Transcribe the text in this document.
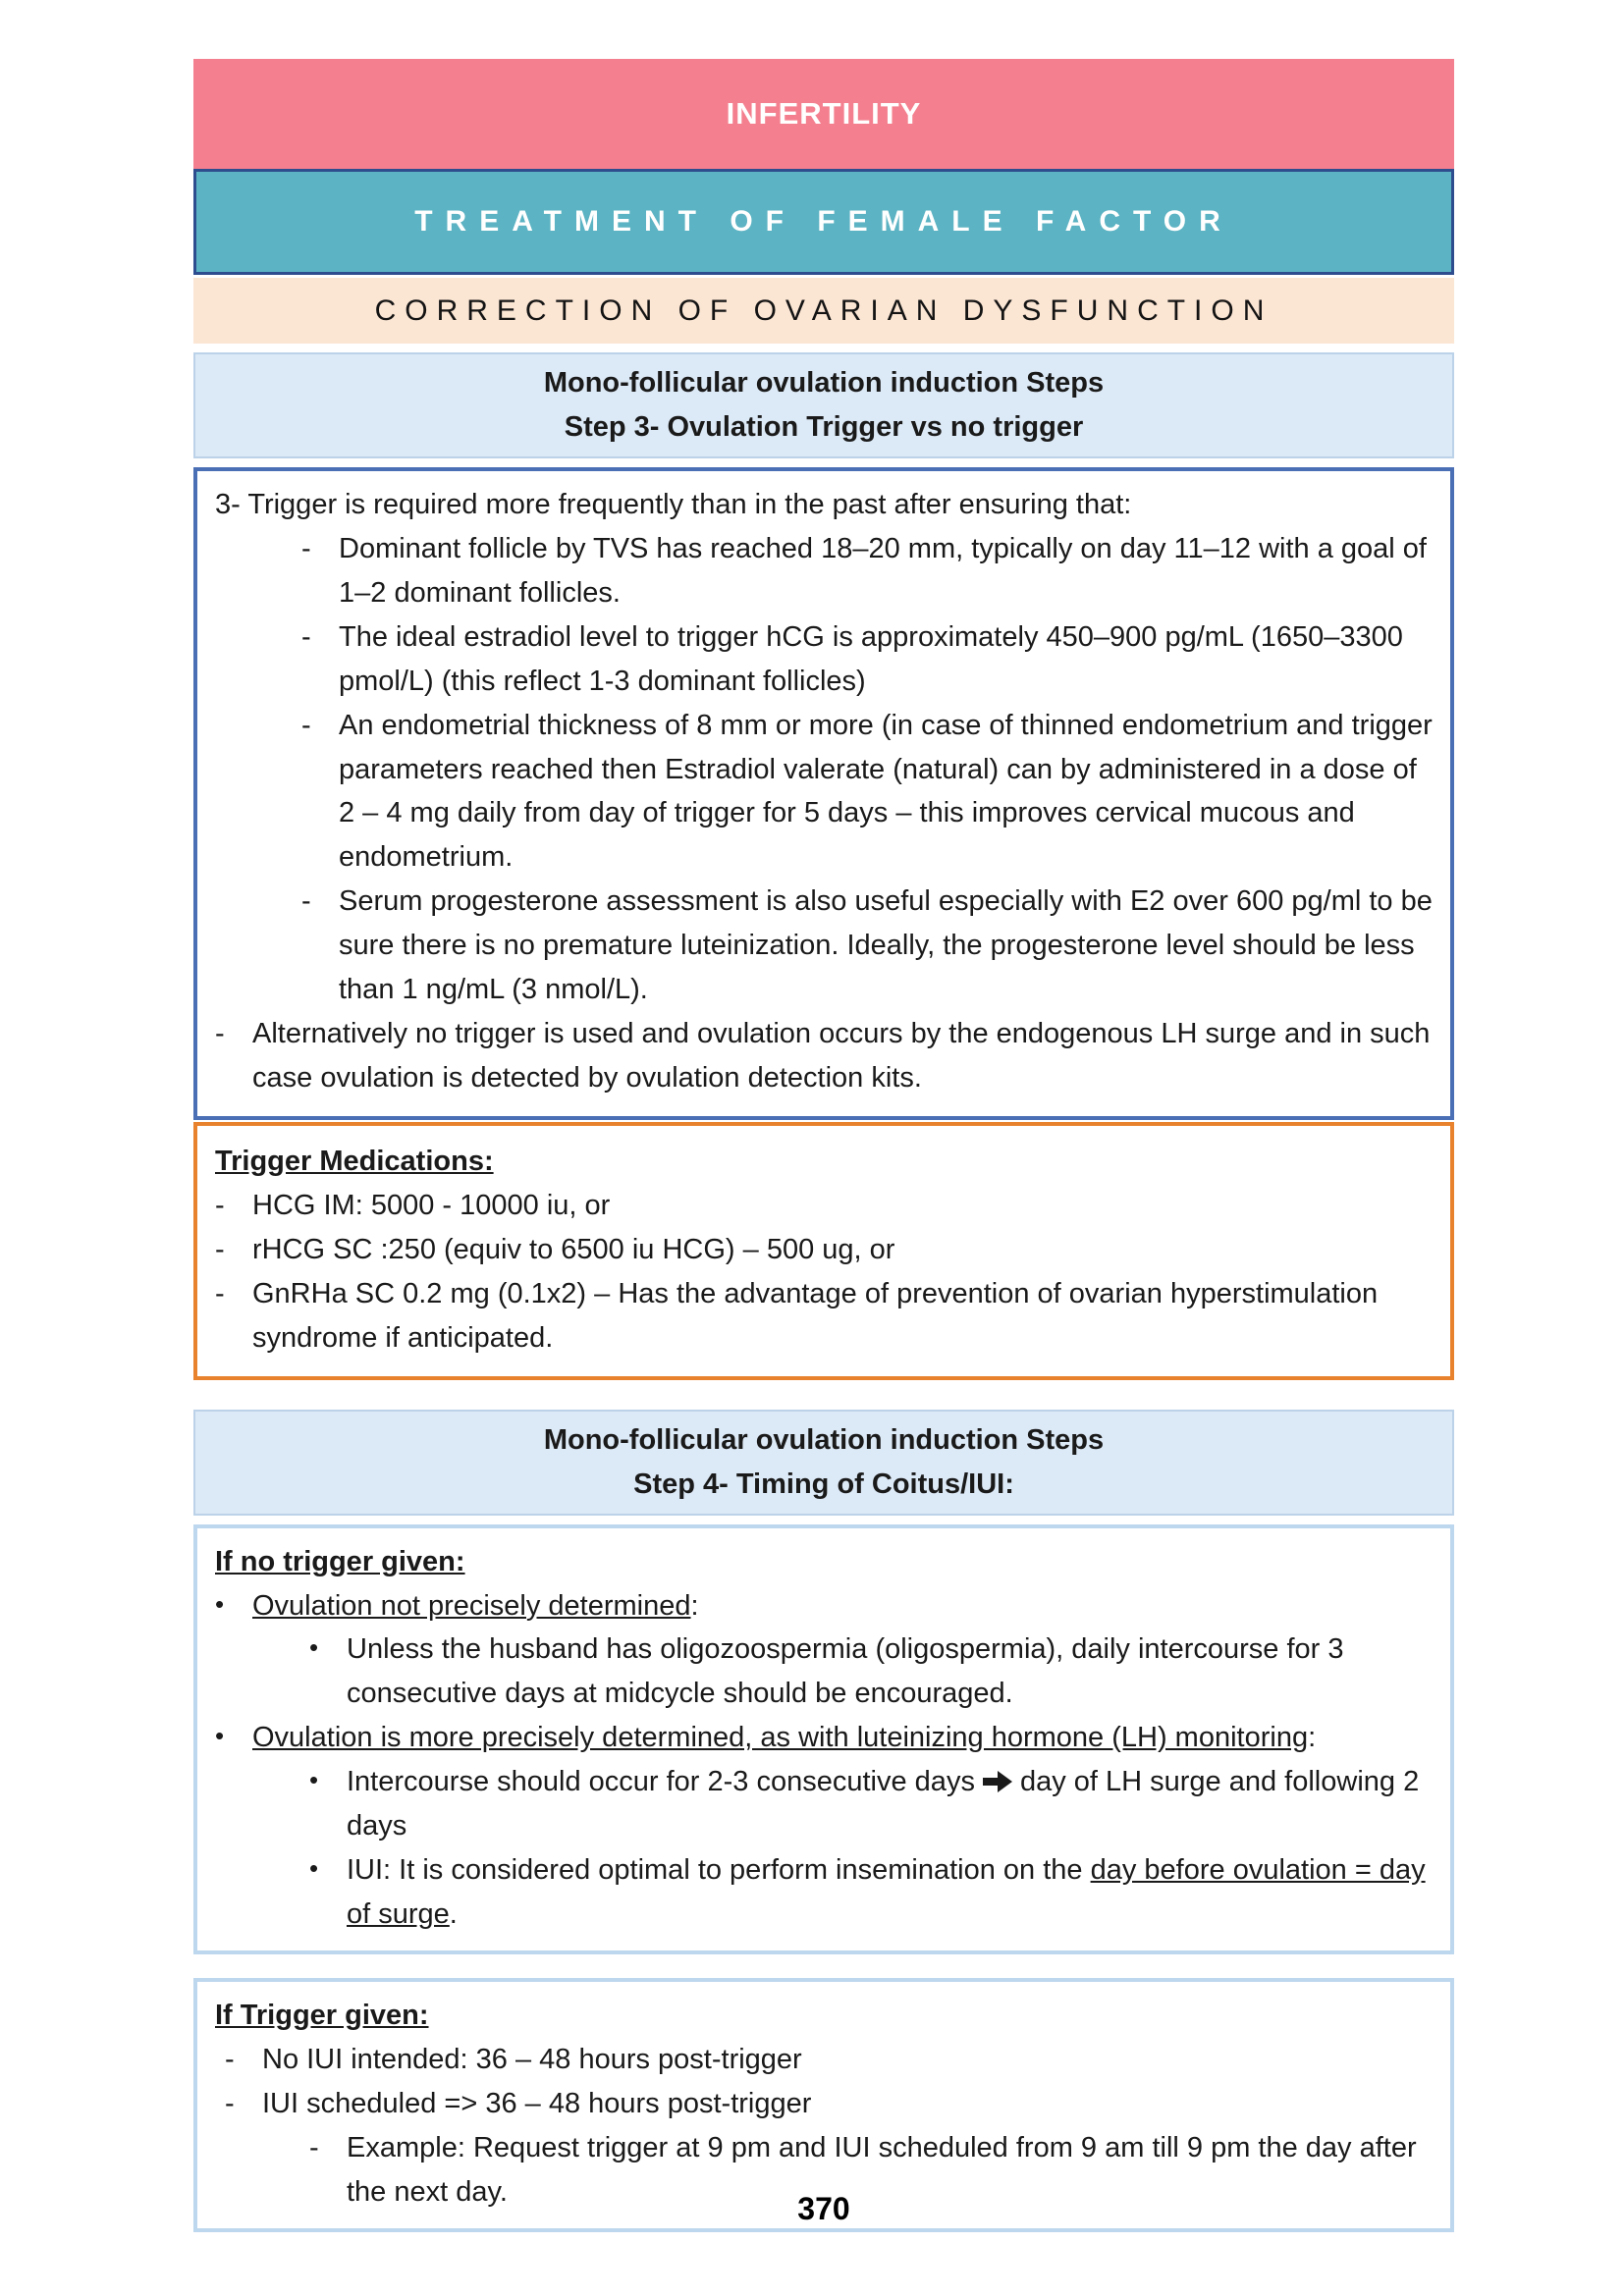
INFERTILITY
TREATMENT OF FEMALE FACTOR
CORRECTION OF OVARIAN DYSFUNCTION
Mono-follicular ovulation induction Steps
Step 3- Ovulation Trigger vs no trigger
3- Trigger is required more frequently than in the past after ensuring that:
- Dominant follicle by TVS has reached 18–20 mm, typically on day 11–12 with a goal of 1–2 dominant follicles.
- The ideal estradiol level to trigger hCG is approximately 450–900 pg/mL (1650–3300 pmol/L) (this reflect 1-3 dominant follicles)
- An endometrial thickness of 8 mm or more (in case of thinned endometrium and trigger parameters reached then Estradiol valerate (natural) can by administered in a dose of 2 – 4 mg daily from day of trigger for 5 days – this improves cervical mucous and endometrium.
- Serum progesterone assessment is also useful especially with E2 over 600 pg/ml to be sure there is no premature luteinization. Ideally, the progesterone level should be less than 1 ng/mL (3 nmol/L).
- Alternatively no trigger is used and ovulation occurs by the endogenous LH surge and in such case ovulation is detected by ovulation detection kits.
Trigger Medications:
- HCG IM: 5000 - 10000 iu, or
- rHCG SC :250 (equiv to 6500 iu HCG) – 500 ug, or
- GnRHa SC 0.2 mg (0.1x2) – Has the advantage of prevention of ovarian hyperstimulation syndrome if anticipated.
Mono-follicular ovulation induction Steps
Step 4- Timing of Coitus/IUI:
If no trigger given:
• Ovulation not precisely determined:
• Unless the husband has oligozoospermia (oligospermia), daily intercourse for 3 consecutive days at midcycle should be encouraged.
• Ovulation is more precisely determined, as with luteinizing hormone (LH) monitoring:
• Intercourse should occur for 2-3 consecutive days day of LH surge and following 2 days
• IUI: It is considered optimal to perform insemination on the day before ovulation = day of surge.
If Trigger given:
- No IUI intended: 36 – 48 hours post-trigger
- IUI scheduled => 36 – 48 hours post-trigger
- Example: Request trigger at 9 pm and IUI scheduled from 9 am till 9 pm the day after the next day.	370
